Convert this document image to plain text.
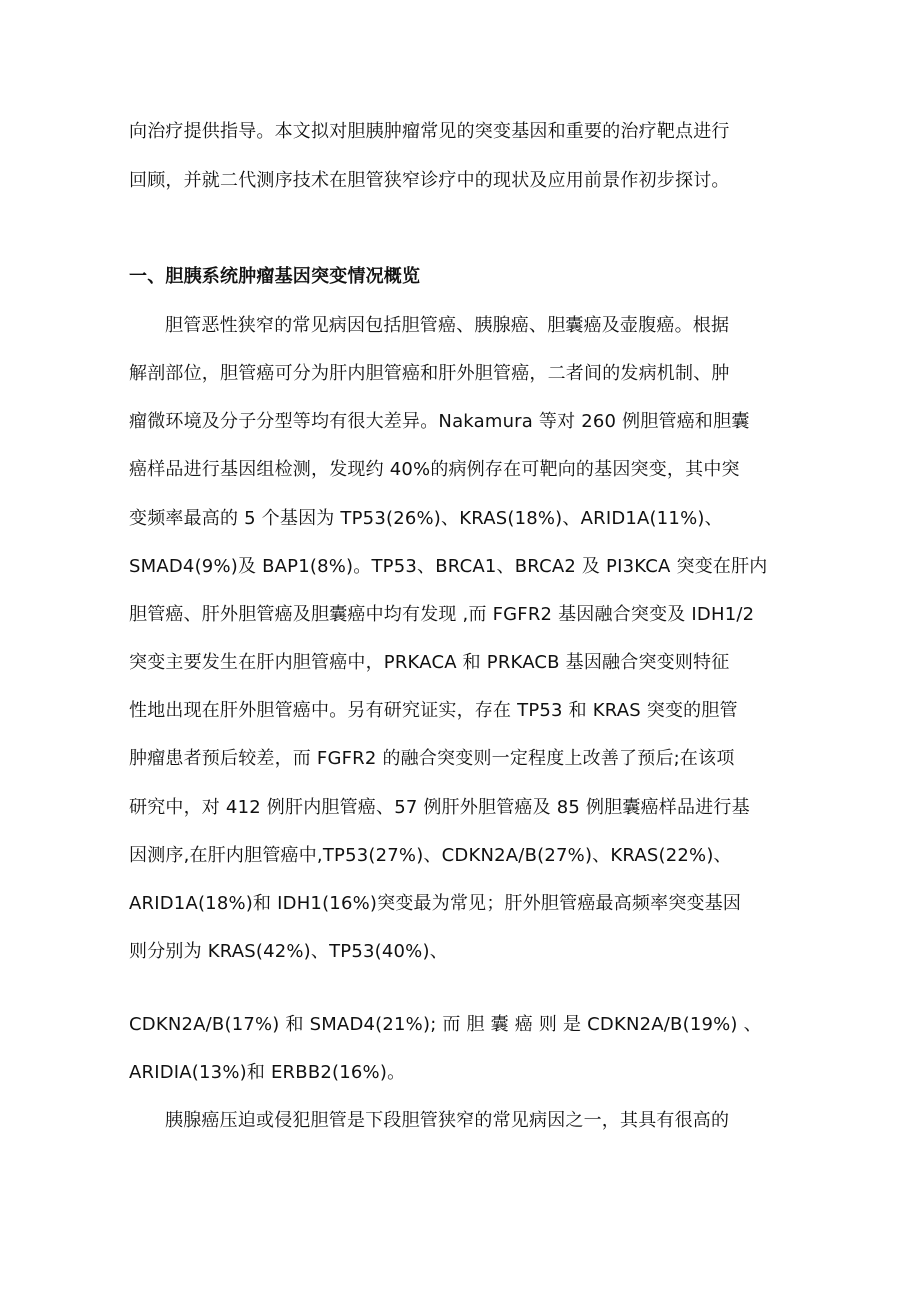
向治疗提供指导。本文拟对胆胰肿瘤常见的突变基因和重要的治疗靶点进行
回顾，并就二代测序技术在胆管狭窄诊疗中的现状及应用前景作初步探讨。
一、胆胰系统肿瘤基因突变情况概览
胆管恶性狭窄的常见病因包括胆管癌、胰腺癌、胆囊癌及壶腹癌。根据
解剖部位，胆管癌可分为肝内胆管癌和肝外胆管癌，二者间的发病机制、肿
瘤微环境及分子分型等均有很大差异。Nakamura 等对 260 例胆管癌和胆囊
癌样品进行基因组检测，发现约 40%的病例存在可靶向的基因突变，其中突
变频率最高的 5 个基因为 TP53(26%)、KRAS(18%)、ARID1A(11%)、
SMAD4(9%)及 BAP1(8%)。TP53、BRCA1、BRCA2 及 PI3KCA 突变在肝内
胆管癌、肝外胆管癌及胆囊癌中均有发现 ,而 FGFR2 基因融合突变及 IDH1/2
突变主要发生在肝内胆管癌中，PRKACA 和 PRKACB 基因融合突变则特征
性地出现在肝外胆管癌中。另有研究证实，存在 TP53 和 KRAS 突变的胆管
肿瘤患者预后较差，而 FGFR2 的融合突变则一定程度上改善了预后;在该项
研究中，对 412 例肝内胆管癌、57 例肝外胆管癌及 85 例胆囊癌样品进行基
因测序,在肝内胆管癌中,TP53(27%)、CDKN2A/B(27%)、KRAS(22%)、
ARID1A(18%)和 IDH1(16%)突变最为常见；肝外胆管癌最高频率突变基因
则分别为 KRAS(42%)、TP53(40%)、
CDKN2A/B(17%) 和 SMAD4(21%); 而 胆 囊 癌 则 是 CDKN2A/B(19%) 、
ARIDIA(13%)和 ERBB2(16%)。
胰腺癌压迫或侵犯胆管是下段胆管狭窄的常见病因之一，其具有很高的
